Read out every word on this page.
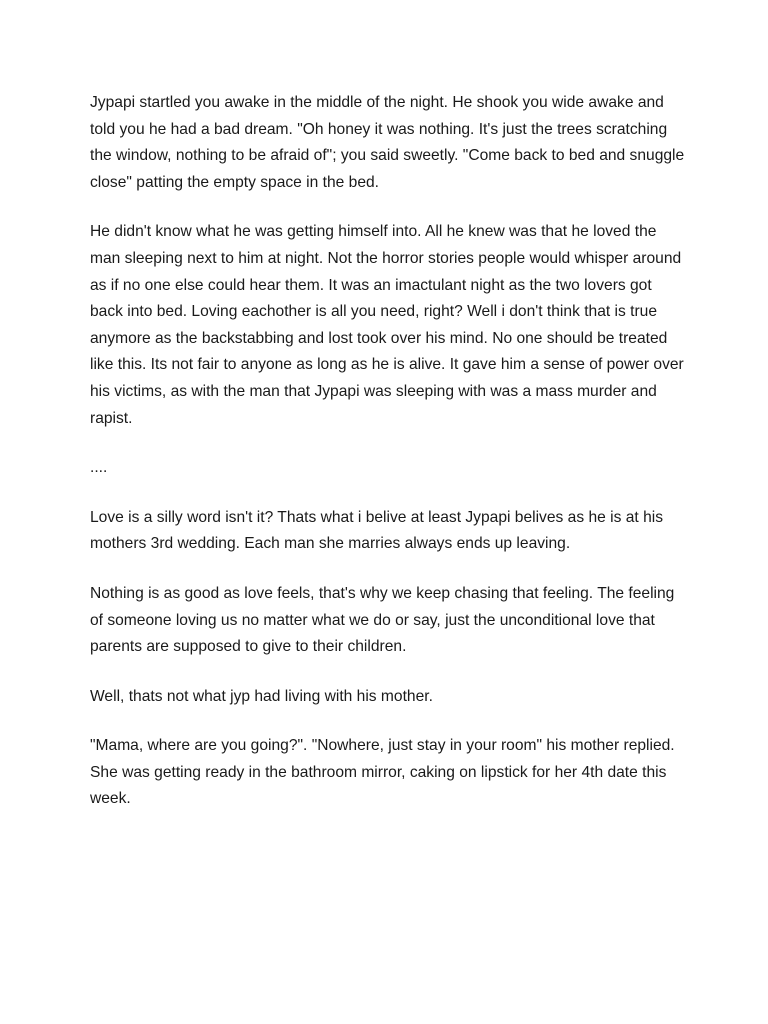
Jypapi startled you awake in the middle of the night. He shook you wide awake and told you he had a bad dream. "Oh honey it was nothing. It's just the trees scratching the window, nothing to be afraid of"; you said sweetly. "Come back to bed and snuggle close" patting the empty space in the bed.

He didn't know what he was getting himself into. All he knew was that he loved the man sleeping next to him at night. Not the horror stories people would whisper around as if no one else could hear them. It was an imactulant night as the two lovers got back into bed. Loving eachother is all you need, right? Well i don't think that is true anymore as the backstabbing and lost took over his mind. No one should be treated like this. Its not fair to anyone as long as he is alive. It gave him a sense of power over his victims, as with the man that Jypapi was sleeping with was a mass murder and rapist.

....

Love is a silly word isn't it? Thats what i belive at least Jypapi belives as he is at his mothers 3rd wedding. Each man she marries always ends up leaving.

Nothing is as good as love feels, that's why we keep chasing that feeling. The feeling of someone loving us no matter what we do or say, just the unconditional love that parents are supposed to give to their children.

Well, thats not what jyp had living with his mother.

"Mama, where are you going?". "Nowhere, just stay in your room" his mother replied. She was getting ready in the bathroom mirror, caking on lipstick for her 4th date this week.
